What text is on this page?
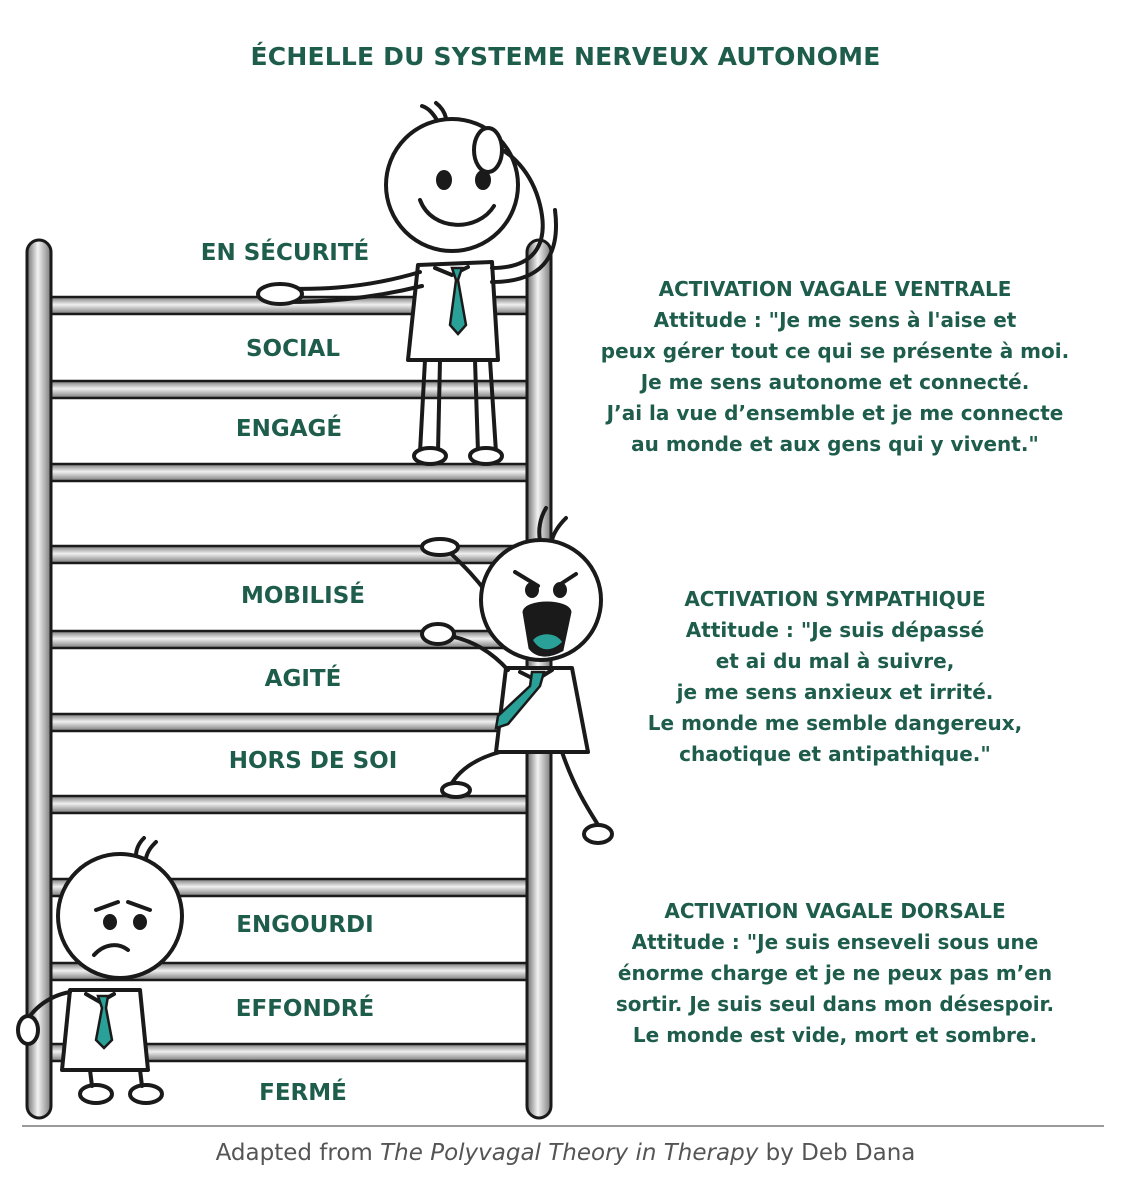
ÉCHELLE DU SYSTEME NERVEUX AUTONOME
EN SÉCURITÉ
SOCIAL
ENGAGÉ
MOBILISÉ
AGITÉ
HORS DE SOI
ENGOURDI
EFFONDRÉ
FERMÉ
ACTIVATION VAGALE VENTRALE
Attitude : "Je me sens à l'aise et
peux gérer tout ce qui se présente à moi.
Je me sens autonome et connecté.
J’ai la vue d’ensemble et je me connecte
au monde et aux gens qui y vivent."
ACTIVATION SYMPATHIQUE
Attitude : "Je suis dépassé
et ai du mal à suivre,
je me sens anxieux et irrité.
Le monde me semble dangereux,
chaotique et antipathique."
ACTIVATION VAGALE DORSALE
Attitude : "Je suis enseveli sous une
énorme charge et je ne peux pas m’en
sortir. Je suis seul dans mon désespoir.
Le monde est vide, mort et sombre.
Adapted from The Polyvagal Theory in Therapy by Deb Dana
